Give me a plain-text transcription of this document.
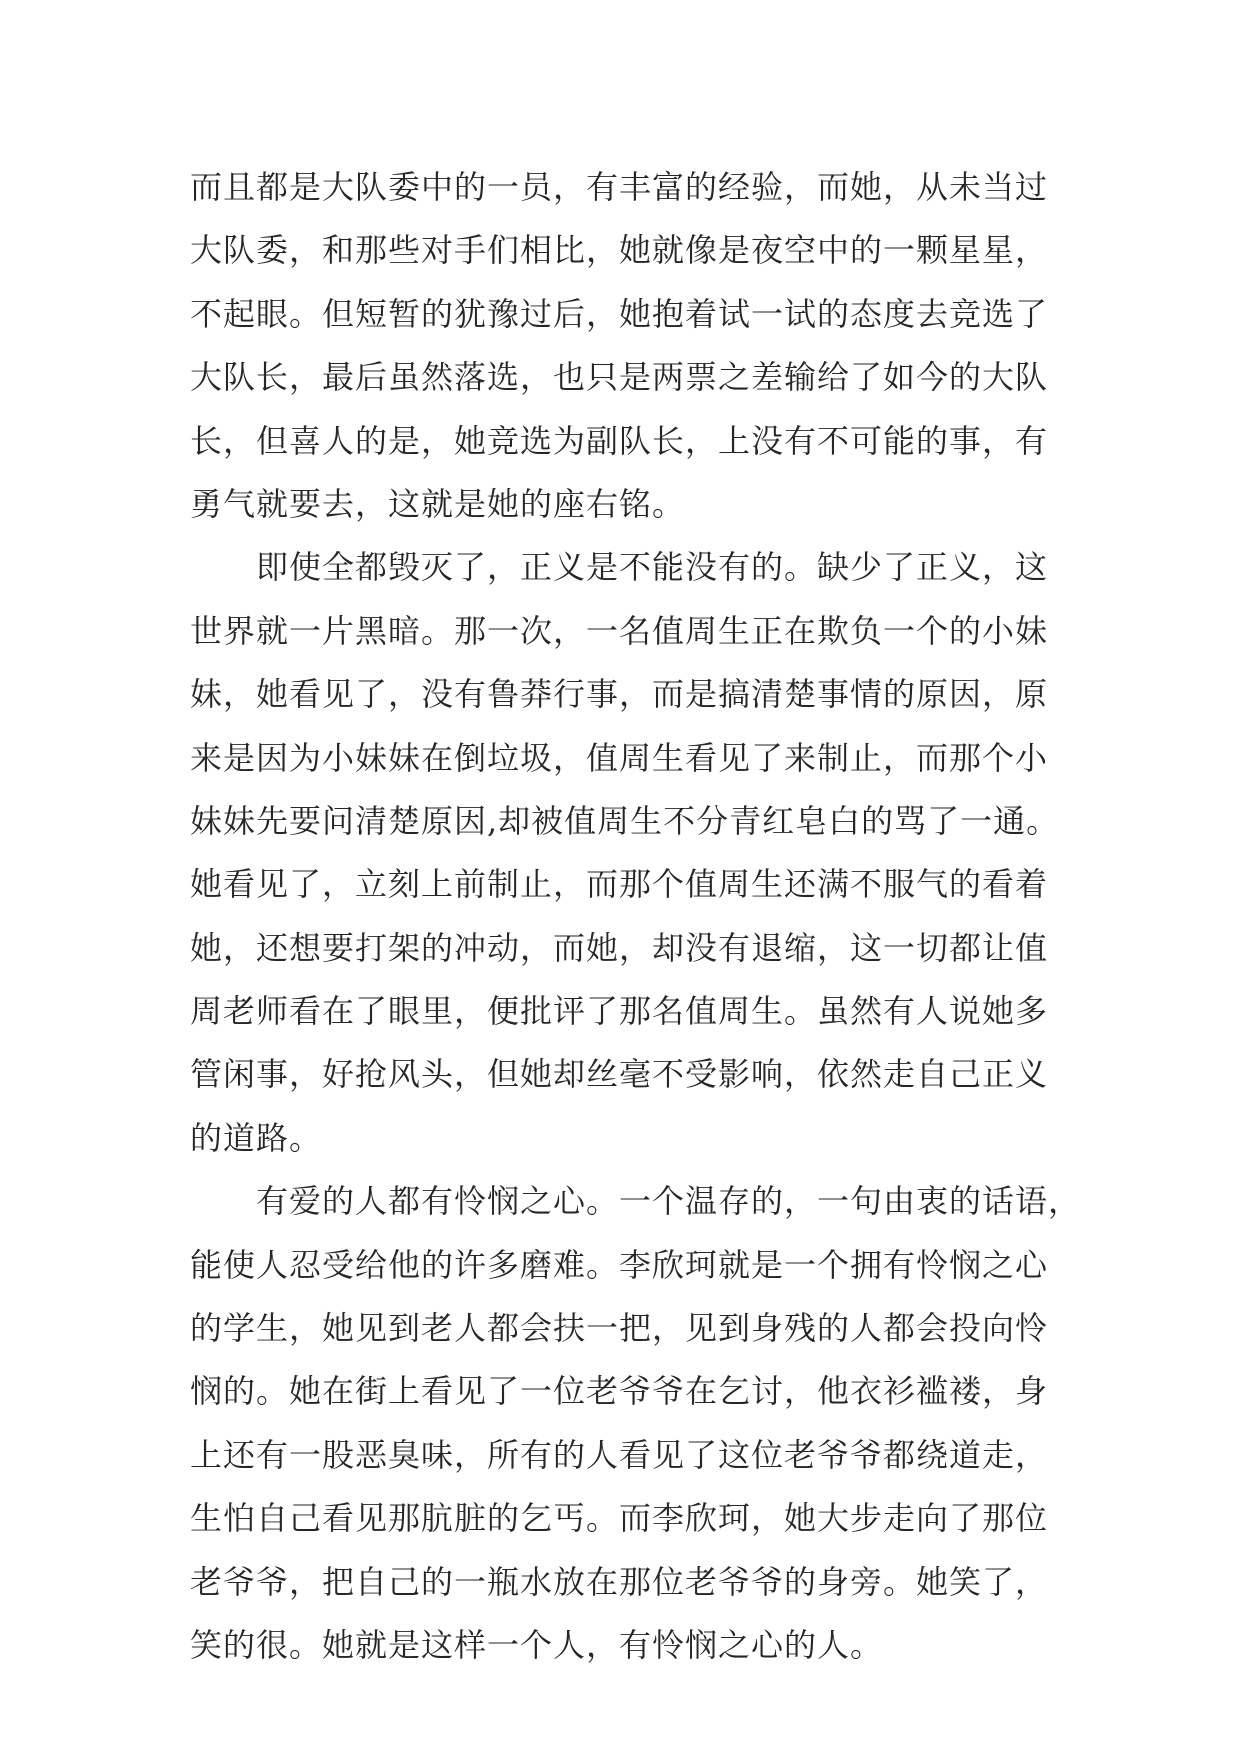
而且都是大队委中的一员，有丰富的经验，而她，从未当过
大队委，和那些对手们相比，她就像是夜空中的一颗星星，
不起眼。但短暂的犹豫过后，她抱着试一试的态度去竞选了
大队长，最后虽然落选，也只是两票之差输给了如今的大队
长，但喜人的是，她竞选为副队长，上没有不可能的事，有
勇气就要去，这就是她的座右铭。
即使全都毁灭了，正义是不能没有的。缺少了正义，这
世界就一片黑暗。那一次，一名值周生正在欺负一个的小妹
妹，她看见了，没有鲁莽行事，而是搞清楚事情的原因，原
来是因为小妹妹在倒垃圾，值周生看见了来制止，而那个小
妹妹先要问清楚原因,却被值周生不分青红皂白的骂了一通。
她看见了，立刻上前制止，而那个值周生还满不服气的看着
她，还想要打架的冲动，而她，却没有退缩，这一切都让值
周老师看在了眼里，便批评了那名值周生。虽然有人说她多
管闲事，好抢风头，但她却丝毫不受影响，依然走自己正义
的道路。
有爱的人都有怜悯之心。一个温存的，一句由衷的话语，
能使人忍受给他的许多磨难。李欣珂就是一个拥有怜悯之心
的学生，她见到老人都会扶一把，见到身残的人都会投向怜
悯的。她在街上看见了一位老爷爷在乞讨，他衣衫褴褛，身
上还有一股恶臭味，所有的人看见了这位老爷爷都绕道走，
生怕自己看见那肮脏的乞丐。而李欣珂，她大步走向了那位
老爷爷，把自己的一瓶水放在那位老爷爷的身旁。她笑了，
笑的很。她就是这样一个人，有怜悯之心的人。
